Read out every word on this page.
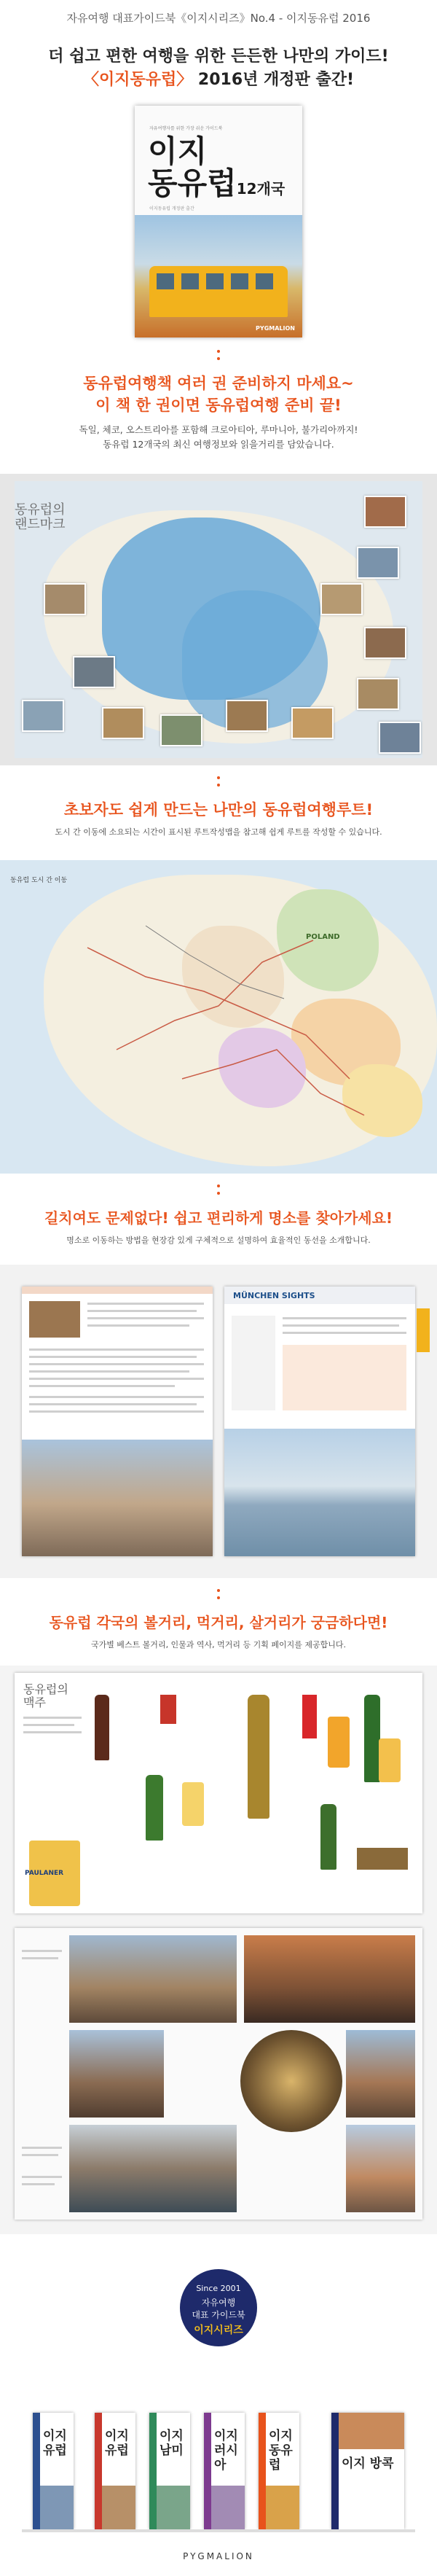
자유여행 대표가이드북《이지시리즈》No.4 - 이지동유럽 2016
더 쉽고 편한 여행을 위한 든든한 나만의 가이드!
〈이지동유럽〉 2016년 개정판 출간!
자유여행자를 위한 가장 쉬운 가이드북
이지
동유럽12개국
이지동유럽 개정판 출간
PYGMALION
동유럽여행책 여러 권 준비하지 마세요~
이 책 한 권이면 동유럽여행 준비 끝!
독일, 체코, 오스트리아를 포함해 크로아티아, 루마니아, 불가리아까지!
동유럽 12개국의 최신 여행정보와 읽을거리를 담았습니다.
동유럽의
랜드마크
초보자도 쉽게 만드는 나만의 동유럽여행루트!
도시 간 이동에 소요되는 시간이 표시된 루트작성맵을 참고해 쉽게 루트를 작성할 수 있습니다.
동유럽 도시 간 이동
POLAND
길치여도 문제없다! 쉽고 편리하게 명소를 찾아가세요!
명소로 이동하는 방법을 현장감 있게 구체적으로 설명하여 효율적인 동선을 소개합니다.
MÜNCHEN SIGHTS
동유럽 각국의 볼거리, 먹거리, 살거리가 궁금하다면!
국가별 베스트 볼거리, 인물과 역사, 먹거리 등 기획 페이지를 제공합니다.
동유럽의
맥주
PAULANER
Since 2001
자유여행
대표 가이드북
이지시리즈
이지 유럽
이지 유럽
이지 남미
이지 러시아
이지 동유럽	이지 방콕
PYGMALION
